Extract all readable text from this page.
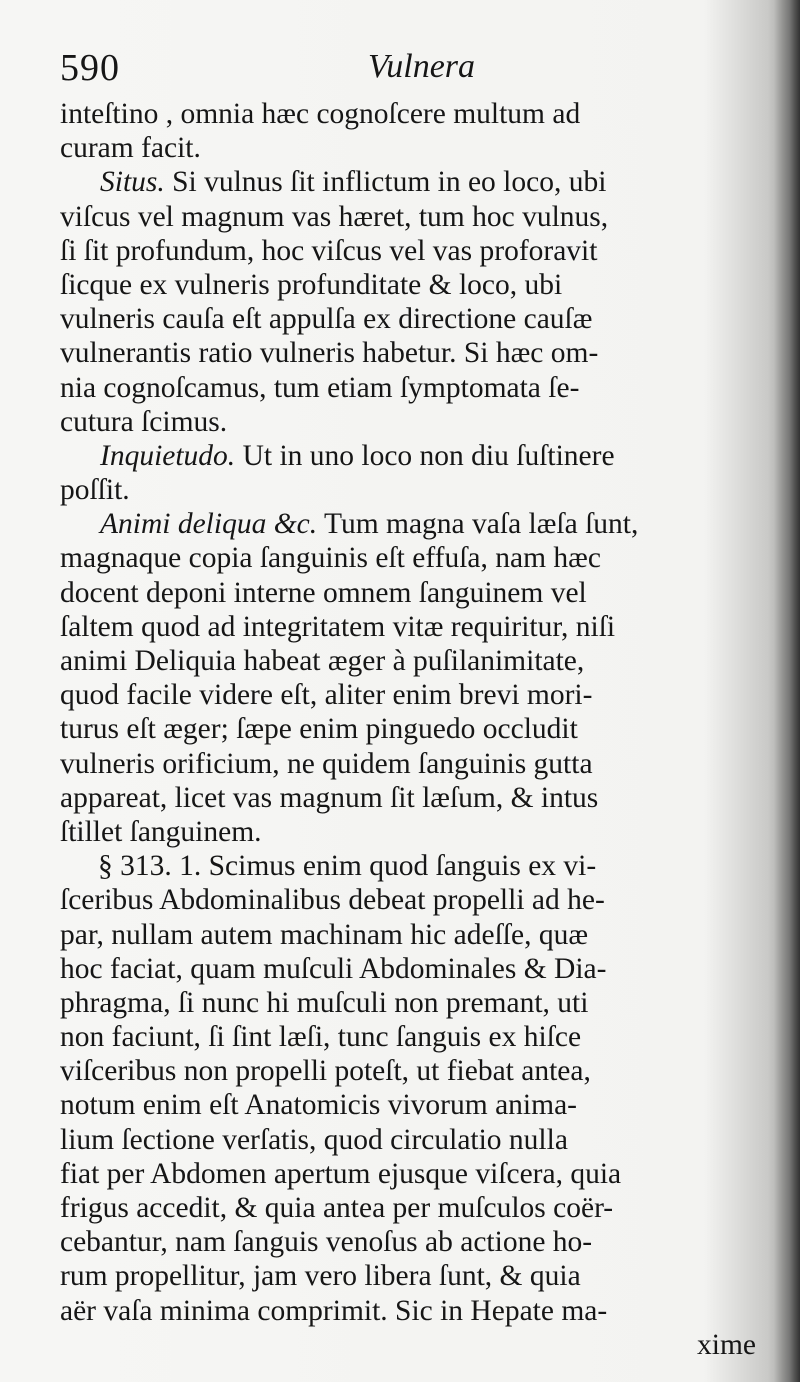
590	Vulnera
inteſtino , omnia hæc cognoſcere multum ad
curam facit.
Situs. Si vulnus ſit inflictum in eo loco, ubi
viſcus vel magnum vas hæret, tum hoc vulnus,
ſi ſit profundum, hoc viſcus vel vas proforavit
ſicque ex vulneris profunditate & loco, ubi
vulneris cauſa eſt appulſa ex directione cauſæ
vulnerantis ratio vulneris habetur. Si hæc om-
nia cognoſcamus, tum etiam ſymptomata ſe-
cutura ſcimus.
Inquietudo. Ut in uno loco non diu ſuſtinere
poſſit.
Animi deliqua &c. Tum magna vaſa læſa ſunt,
magnaque copia ſanguinis eſt effuſa, nam hæc
docent deponi interne omnem ſanguinem vel
ſaltem quod ad integritatem vitæ requiritur, niſi
animi Deliquia habeat æger à puſilanimitate,
quod facile videre eſt, aliter enim brevi mori-
turus eſt æger; ſæpe enim pinguedo occludit
vulneris orificium, ne quidem ſanguinis gutta
appareat, licet vas magnum ſit læſum, & intus
ſtillet ſanguinem.
§ 313. 1. Scimus enim quod ſanguis ex vi-
ſceribus Abdominalibus debeat propelli ad he-
par, nullam autem machinam hic adeſſe, quæ
hoc faciat, quam muſculi Abdominales & Dia-
phragma, ſi nunc hi muſculi non premant, uti
non faciunt, ſi ſint læſi, tunc ſanguis ex hiſce
viſceribus non propelli poteſt, ut fiebat antea,
notum enim eſt Anatomicis vivorum anima-
lium ſectione verſatis, quod circulatio nulla
fiat per Abdomen apertum ejusque viſcera, quia
frigus accedit, & quia antea per muſculos coër-
cebantur, nam ſanguis venoſus ab actione ho-
rum propellitur, jam vero libera ſunt, & quia
aër vaſa minima comprimit. Sic in Hepate ma-
xime
